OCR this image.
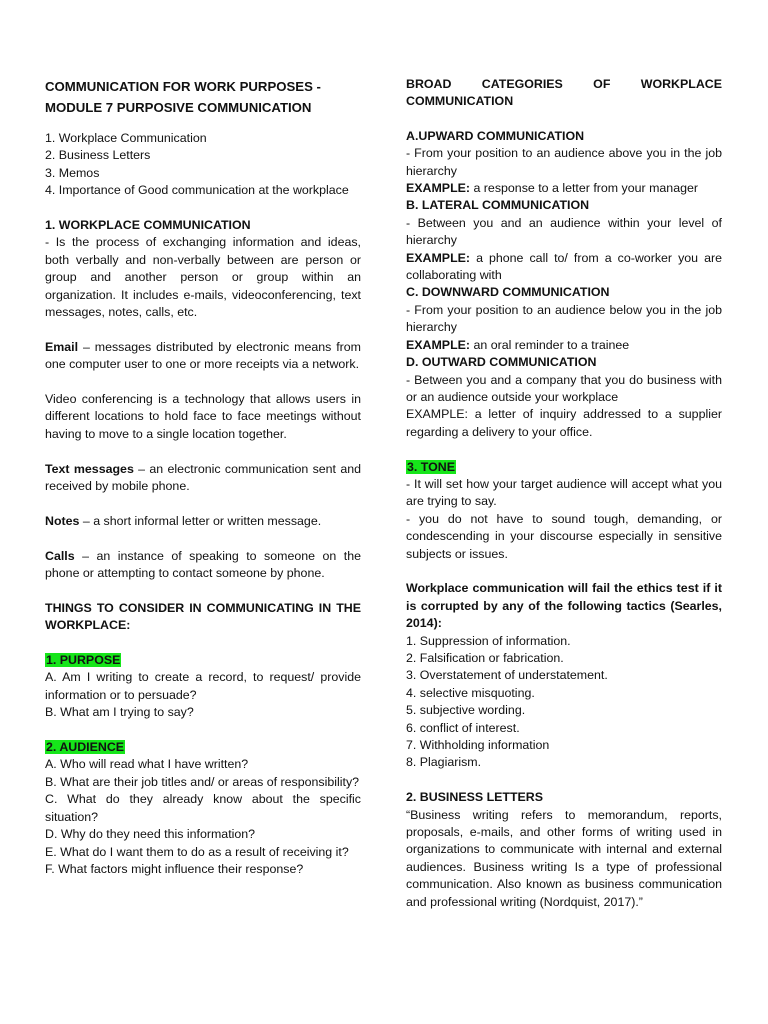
COMMUNICATION FOR WORK PURPOSES -
MODULE 7 PURPOSIVE COMMUNICATION
1. Workplace Communication
2. Business Letters
3. Memos
4. Importance of Good communication at the workplace

1. WORKPLACE COMMUNICATION

- Is the process of exchanging information and ideas, both verbally and non-verbally between are person or group and another person or group within an organization. It includes e-mails, videoconferencing, text messages, notes, calls, etc.

Email – messages distributed by electronic means from one computer user to one or more receipts via a network.

Video conferencing is a technology that allows users in different locations to hold face to face meetings without having to move to a single location together.

Text messages – an electronic communication sent and received by mobile phone.

Notes – a short informal letter or written message.

Calls – an instance of speaking to someone on the phone or attempting to contact someone by phone.

THINGS TO CONSIDER IN COMMUNICATING IN THE WORKPLACE:

1. PURPOSE

A. Am I writing to create a record, to request/ provide information or to persuade?

B. What am I trying to say?

2. AUDIENCE

A. Who will read what I have written?

B. What are their job titles and/ or areas of responsibility?

C. What do they already know about the specific situation?

D. Why do they need this information?

E. What do I want them to do as a result of receiving it?

F. What factors might influence their response?

BROAD CATEGORIES OF WORKPLACE
COMMUNICATION

A.UPWARD COMMUNICATION

- From your position to an audience above you in the job hierarchy

EXAMPLE: a response to a letter from your manager

B. LATERAL COMMUNICATION

- Between you and an audience within your level of hierarchy

EXAMPLE: a phone call to/ from a co-worker you are collaborating with

C. DOWNWARD COMMUNICATION

- From your position to an audience below you in the job hierarchy

EXAMPLE: an oral reminder to a trainee

D. OUTWARD COMMUNICATION

- Between you and a company that you do business with or an audience outside your workplace

EXAMPLE: a letter of inquiry addressed to a supplier regarding a delivery to your office.

3. TONE

- It will set how your target audience will accept what you are trying to say.

- you do not have to sound tough, demanding, or condescending in your discourse especially in sensitive subjects or issues.

Workplace communication will fail the ethics test if it is corrupted by any of the following tactics (Searles, 2014):

1. Suppression of information.
2. Falsification or fabrication.
3. Overstatement of understatement.
4. selective misquoting.
5. subjective wording.
6. conflict of interest.
7. Withholding information
8. Plagiarism.

2. BUSINESS LETTERS

“Business writing refers to memorandum, reports, proposals, e-mails, and other forms of writing used in organizations to communicate with internal and external audiences. Business writing Is a type of professional communication. Also known as business communication and professional writing (Nordquist, 2017).”
